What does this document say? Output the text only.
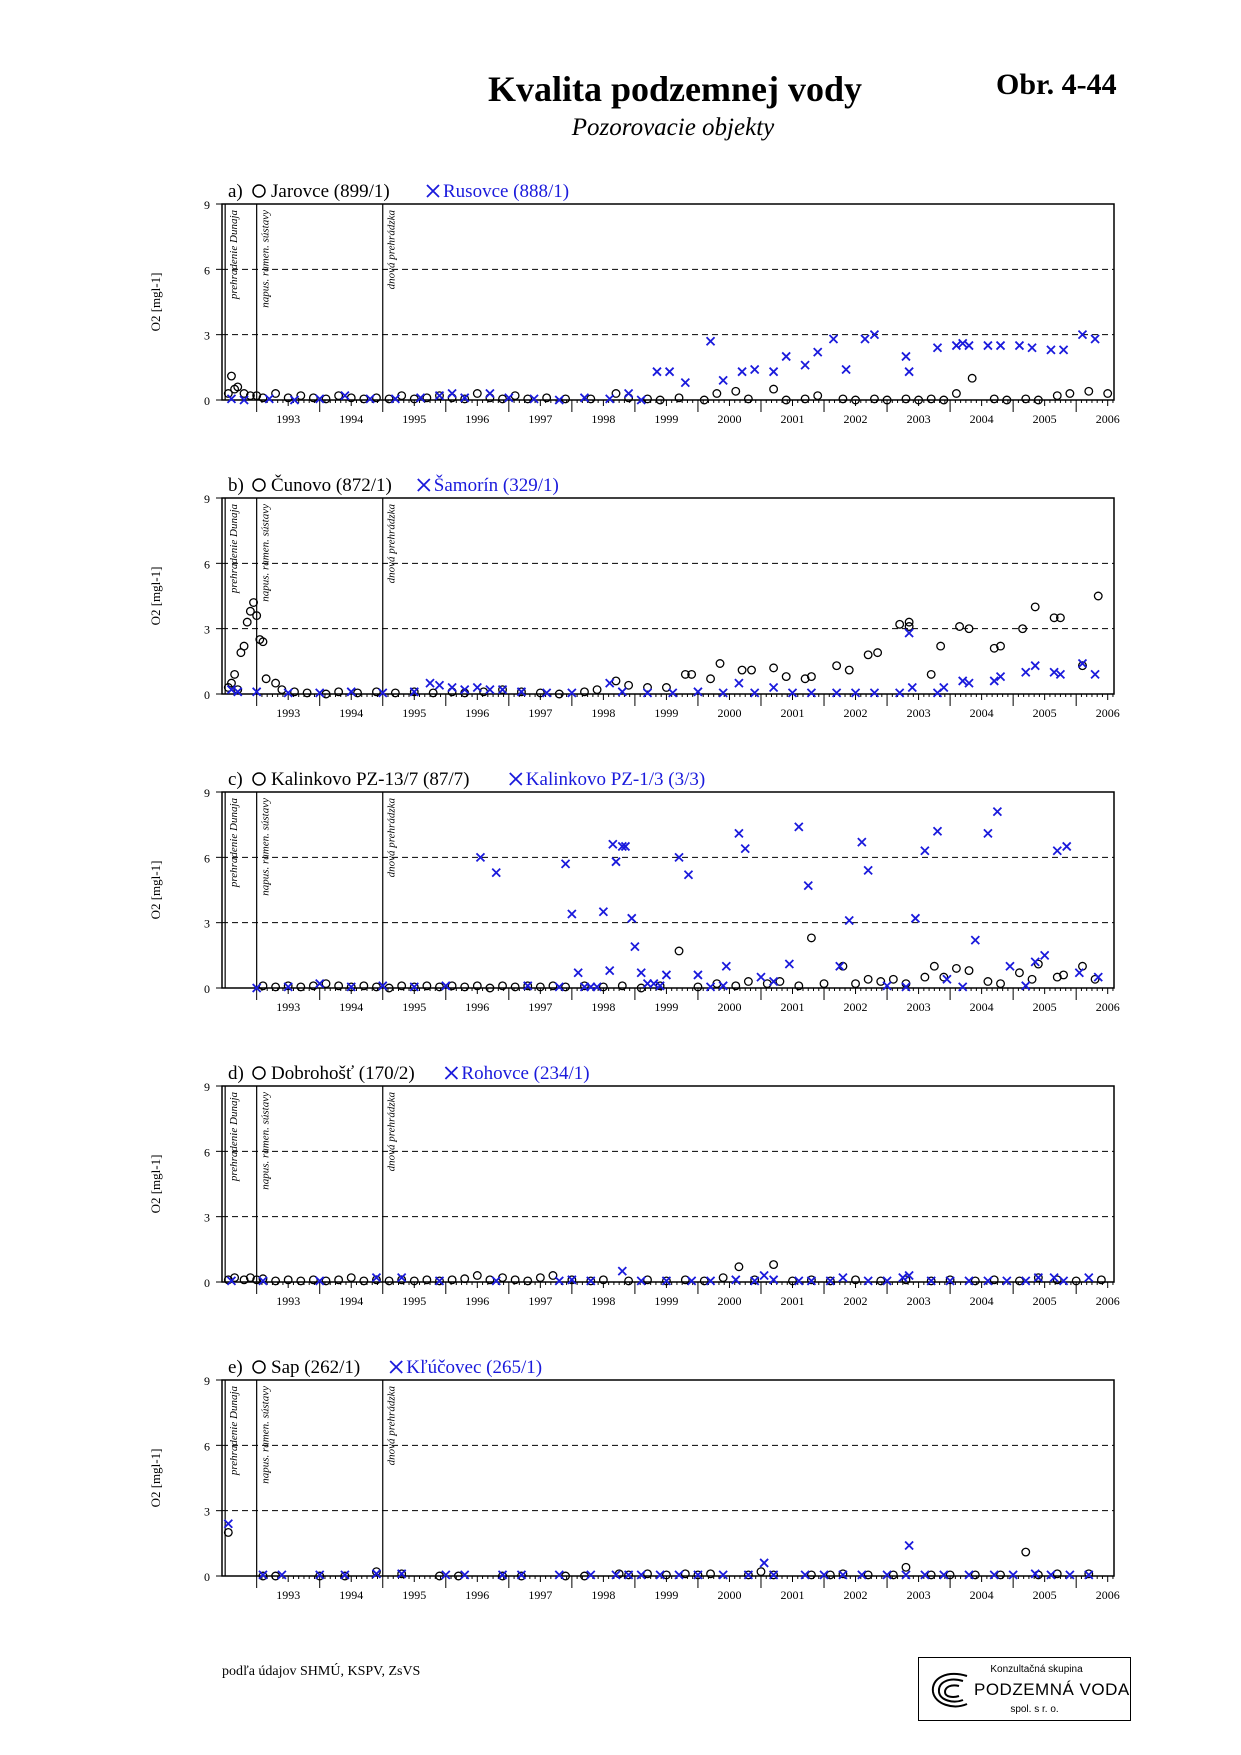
Kvalita podzemnej vody
Pozorovacie objekty
Obr. 4-44
a) Jarovce (899/1)	Rusovce (888/1)
0
3
6
9
O2 [mgl-1]
1993	1994	1995	1996	1997	1998	1999	2000	2001	2002	2003	2004	2005	2006
prehradenie Dunaja napus. ramen. sústavy	dnová prehrádzka
b) Čunovo (872/1) Šamorín (329/1)
0
3
6
9
O2 [mgl-1]
1993	1994	1995	1996	1997	1998	1999	2000	2001	2002	2003	2004	2005	2006
prehradenie Dunaja napus. ramen. sústavy	dnová prehrádzka
c) Kalinkovo PZ-13/7 (87/7)	Kalinkovo PZ-1/3 (3/3)
0
3
6
9
O2 [mgl-1]
1993	1994	1995	1996	1997	1998	1999	2000	2001	2002	2003	2004	2005	2006
prehradenie Dunaja napus. ramen. sústavy	dnová prehrádzka
d) Dobrohošť (170/2) Rohovce (234/1)
0
3
6
9
O2 [mgl-1]
1993	1994	1995	1996	1997	1998	1999	2000	2001	2002	2003	2004	2005	2006
prehradenie Dunaja napus. ramen. sústavy	dnová prehrádzka
e) Sap (262/1) Kľúčovec (265/1)
0
3
6
9
O2 [mgl-1]
1993	1994	1995	1996	1997	1998	1999	2000	2001	2002	2003	2004	2005	2006
prehradenie Dunaja napus. ramen. sústavy	dnová prehrádzka
podľa údajov SHMÚ, KSPV, ZsVS	Konzultačná skupina
PODZEMNÁ VODA
spol. s r. o.
